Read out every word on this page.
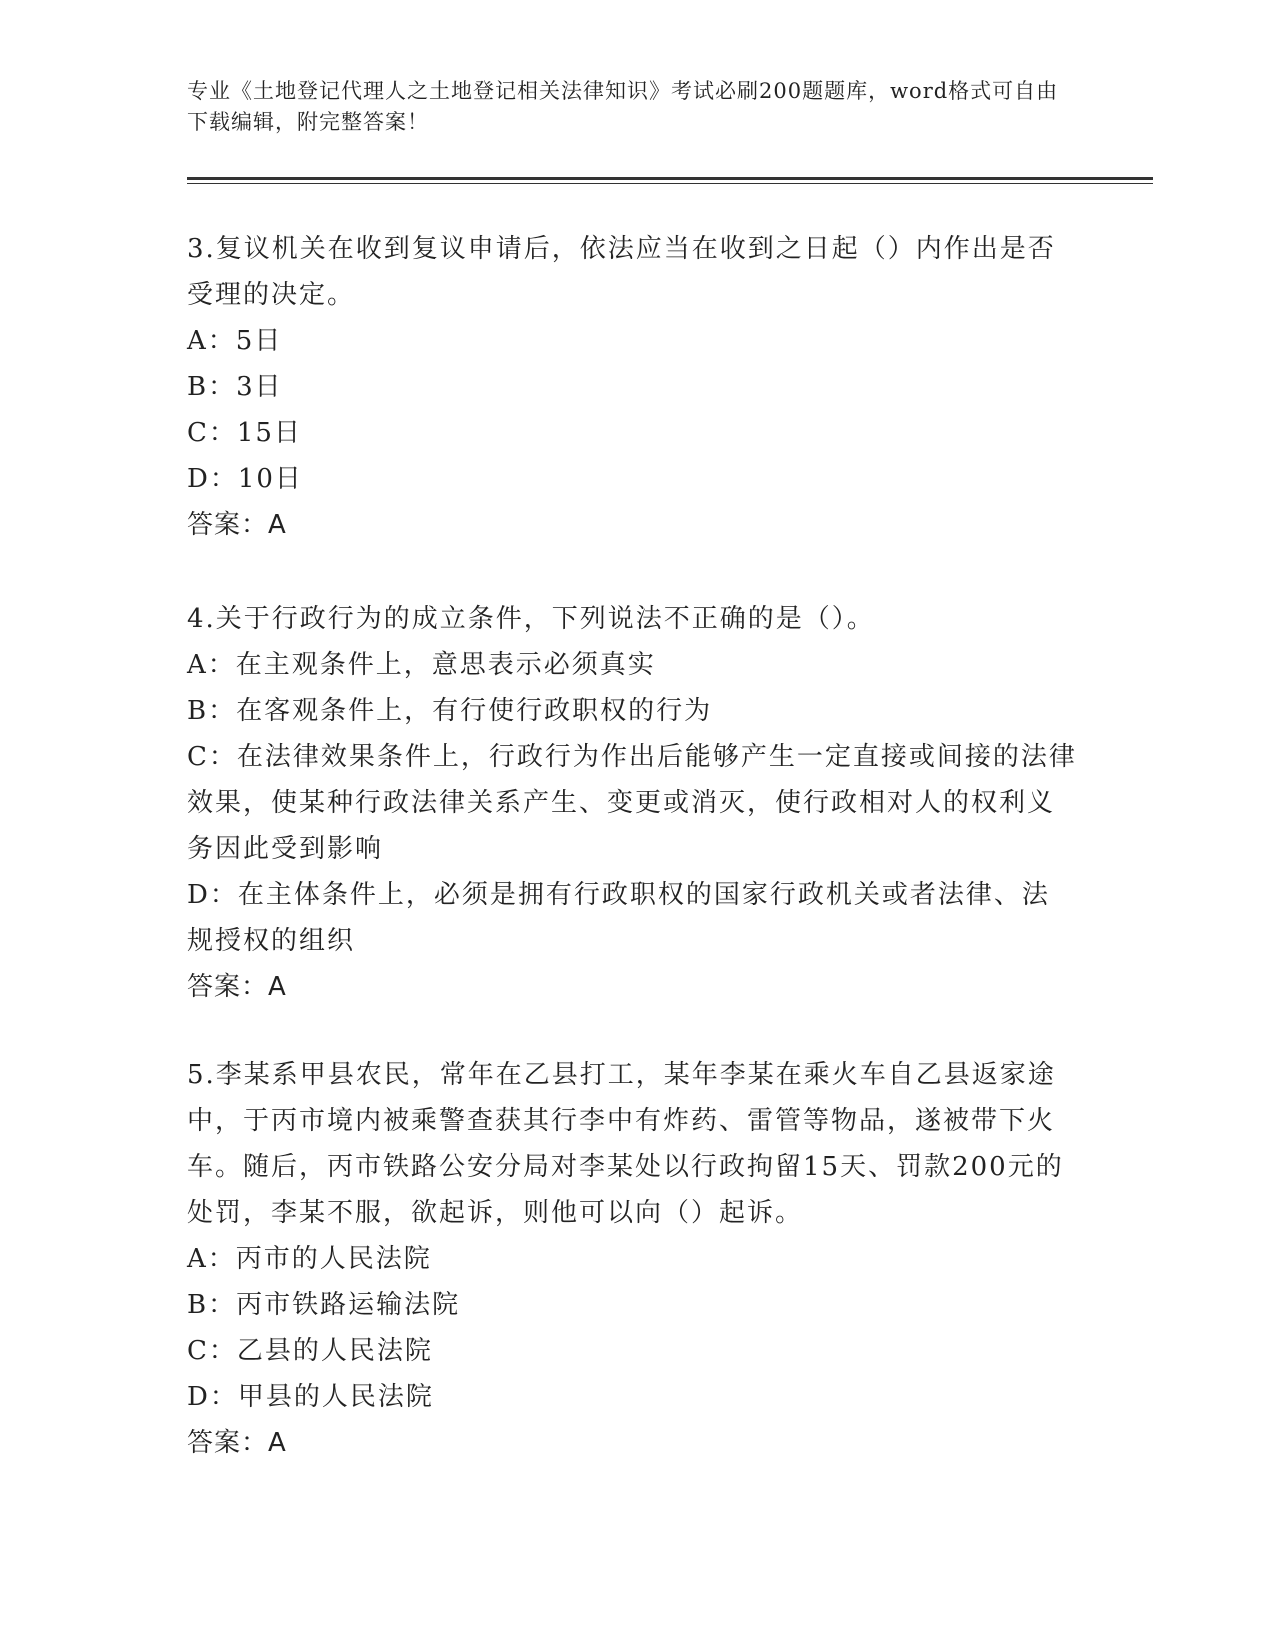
专业《土地登记代理人之土地登记相关法律知识》考试必刷200题题库，word格式可自由下载编辑，附完整答案！

3.复议机关在收到复议申请后，依法应当在收到之日起（）内作出是否受理的决定。

A：5日

B：3日

C：15日

D：10日

答案：A

4.关于行政行为的成立条件，下列说法不正确的是（）。

A：在主观条件上，意思表示必须真实

B：在客观条件上，有行使行政职权的行为

C：在法律效果条件上，行政行为作出后能够产生一定直接或间接的法律效果，使某种行政法律关系产生、变更或消灭，使行政相对人的权利义务因此受到影响

D：在主体条件上，必须是拥有行政职权的国家行政机关或者法律、法规授权的组织

答案：A

5.李某系甲县农民，常年在乙县打工，某年李某在乘火车自乙县返家途中，于丙市境内被乘警查获其行李中有炸药、雷管等物品，遂被带下火车。随后，丙市铁路公安分局对李某处以行政拘留15天、罚款200元的处罚，李某不服，欲起诉，则他可以向（）起诉。

A：丙市的人民法院

B：丙市铁路运输法院

C：乙县的人民法院

D：甲县的人民法院

答案：A
